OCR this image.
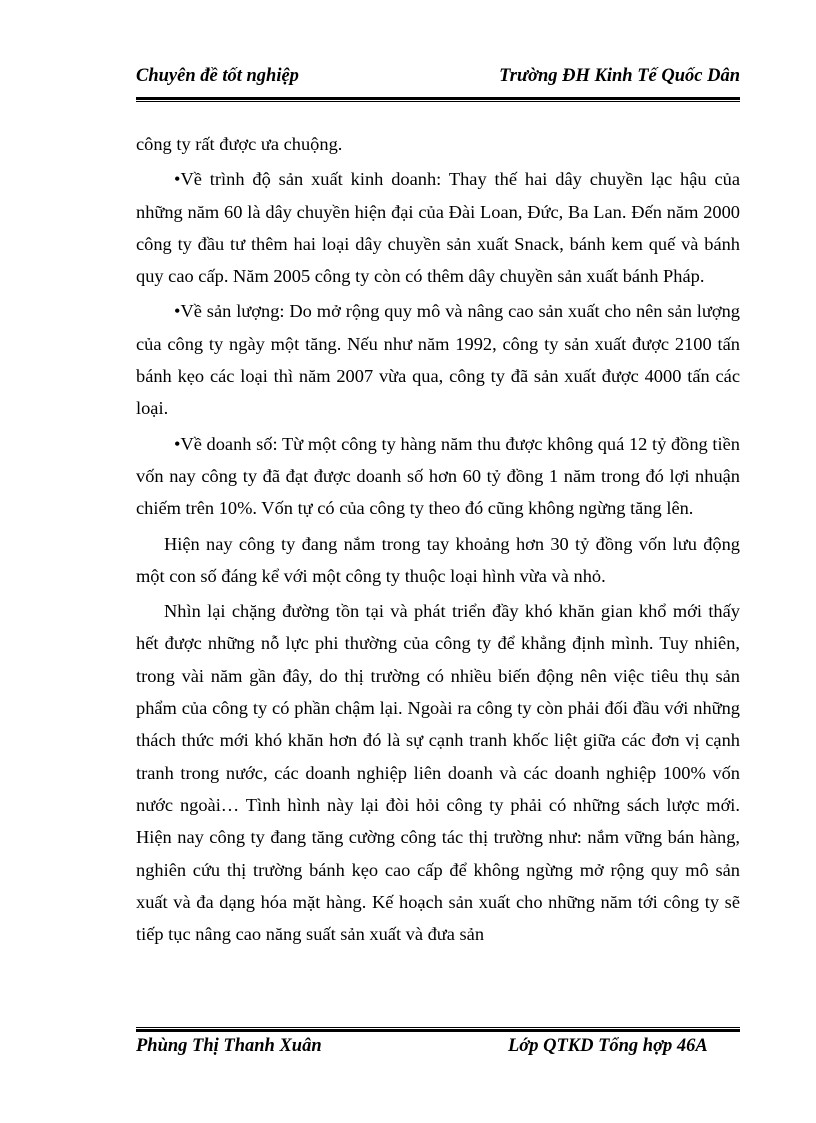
Chuyên đề tốt nghiệp	Trường ĐH Kinh Tế Quốc Dân

công ty rất được ưa chuộng.

•Về trình độ sản xuất kinh doanh: Thay thế hai dây chuyền lạc hậu của những năm 60 là dây chuyền hiện đại của Đài Loan, Đức, Ba Lan. Đến năm 2000 công ty đầu tư thêm hai loại dây chuyền sản xuất Snack, bánh kem quế và bánh quy cao cấp. Năm 2005 công ty còn có thêm dây chuyền sản xuất bánh Pháp.

•Về sản lượng: Do mở rộng quy mô và nâng cao sản xuất cho nên sản lượng của công ty ngày một tăng. Nếu như năm 1992, công ty sản xuất được 2100 tấn bánh kẹo các loại thì năm 2007 vừa qua, công ty đã sản xuất được 4000 tấn các loại.

•Về doanh số: Từ một công ty hàng năm thu được không quá 12 tỷ đồng tiền vốn nay công ty đã đạt được doanh số hơn 60 tỷ đồng 1 năm trong đó lợi nhuận chiếm trên 10%. Vốn tự có của công ty theo đó cũng không ngừng tăng lên.

Hiện nay công ty đang nắm trong tay khoảng hơn 30 tỷ đồng vốn lưu động một con số đáng kể với một công ty thuộc loại hình vừa và nhỏ.

Nhìn lại chặng đường tồn tại và phát triển đầy khó khăn gian khổ mới thấy hết được những nỗ lực phi thường của công ty để khẳng định mình. Tuy nhiên, trong vài năm gần đây, do thị trường có nhiều biến động nên việc tiêu thụ sản phẩm của công ty có phần chậm lại. Ngoài ra công ty còn phải đối đầu với những thách thức mới khó khăn hơn đó là sự cạnh tranh khốc liệt giữa các đơn vị cạnh tranh trong nước, các doanh nghiệp liên doanh và các doanh nghiệp 100% vốn nước ngoài… Tình hình này lại đòi hỏi công ty phải có những sách lược mới. Hiện nay công ty đang tăng cường công tác thị trường như: nắm vững bán hàng, nghiên cứu thị trường bánh kẹo cao cấp để không ngừng mở rộng quy mô sản xuất và đa dạng hóa mặt hàng. Kế hoạch sản xuất cho những năm tới công ty sẽ tiếp tục nâng cao năng suất sản xuất và đưa sản

Phùng Thị Thanh Xuân	Lớp QTKD Tổng hợp 46A
